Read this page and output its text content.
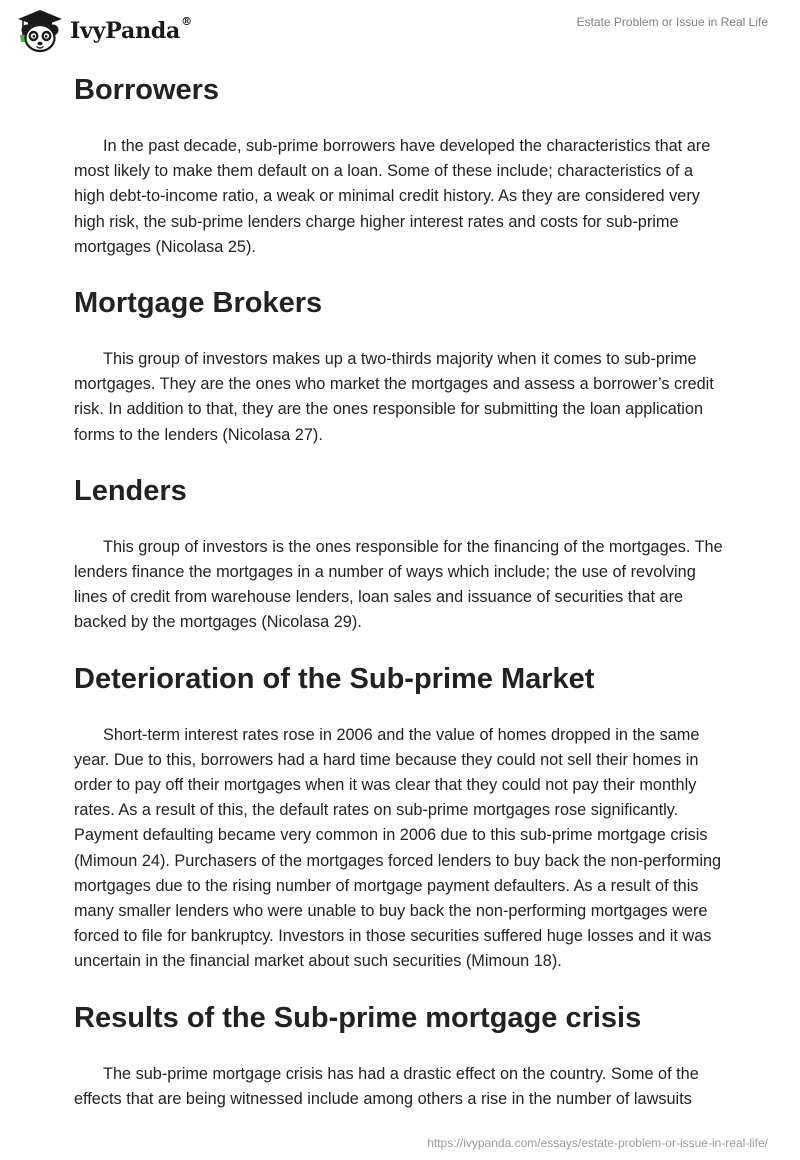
IvyPanda®	Estate Problem or Issue in Real Life
Borrowers

In the past decade, sub-prime borrowers have developed the characteristics that are most likely to make them default on a loan. Some of these include; characteristics of a high debt-to-income ratio, a weak or minimal credit history. As they are considered very high risk, the sub-prime lenders charge higher interest rates and costs for sub-prime mortgages (Nicolasa 25).

Mortgage Brokers

This group of investors makes up a two-thirds majority when it comes to sub-prime mortgages. They are the ones who market the mortgages and assess a borrower’s credit risk. In addition to that, they are the ones responsible for submitting the loan application forms to the lenders (Nicolasa 27).

Lenders

This group of investors is the ones responsible for the financing of the mortgages. The lenders finance the mortgages in a number of ways which include; the use of revolving lines of credit from warehouse lenders, loan sales and issuance of securities that are backed by the mortgages (Nicolasa 29).

Deterioration of the Sub-prime Market

Short-term interest rates rose in 2006 and the value of homes dropped in the same year. Due to this, borrowers had a hard time because they could not sell their homes in order to pay off their mortgages when it was clear that they could not pay their monthly rates. As a result of this, the default rates on sub-prime mortgages rose significantly. Payment defaulting became very common in 2006 due to this sub-prime mortgage crisis (Mimoun 24). Purchasers of the mortgages forced lenders to buy back the non-performing mortgages due to the rising number of mortgage payment defaulters. As a result of this many smaller lenders who were unable to buy back the non-performing mortgages were forced to file for bankruptcy. Investors in those securities suffered huge losses and it was uncertain in the financial market about such securities (Mimoun 18).

Results of the Sub-prime mortgage crisis

The sub-prime mortgage crisis has had a drastic effect on the country. Some of the effects that are being witnessed include among others a rise in the number of lawsuits

https://ivypanda.com/essays/estate-problem-or-issue-in-real-life/
